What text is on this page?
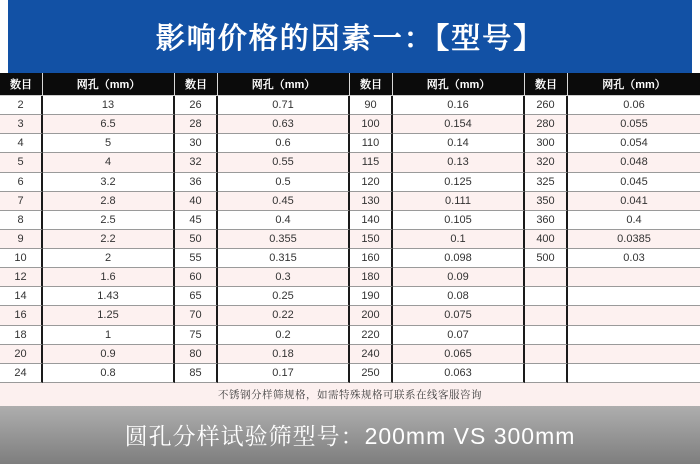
影响价格的因素一：【型号】
数目	网孔（mm）	数目	网孔（mm）	数目	网孔（mm）	数目	网孔（mm）
2	13	26	0.71	90	0.16	260	0.06
3	6.5	28	0.63	100	0.154	280	0.055
4	5	30	0.6	110	0.14	300	0.054
5	4	32	0.55	115	0.13	320	0.048
6	3.2	36	0.5	120	0.125	325	0.045
7	2.8	40	0.45	130	0.111	350	0.041
8	2.5	45	0.4	140	0.105	360	0.4
9	2.2	50	0.355	150	0.1	400	0.0385
10	2	55	0.315	160	0.098	500	0.03
12	1.6	60	0.3	180	0.09
14	1.43	65	0.25	190	0.08
16	1.25	70	0.22	200	0.075
18	1	75	0.2	220	0.07
20	0.9	80	0.18	240	0.065
24	0.8	85	0.17	250	0.063
不锈钢分样筛规格，如需特殊规格可联系在线客服咨询
圆孔分样试验筛型号：200mm VS 300mm
